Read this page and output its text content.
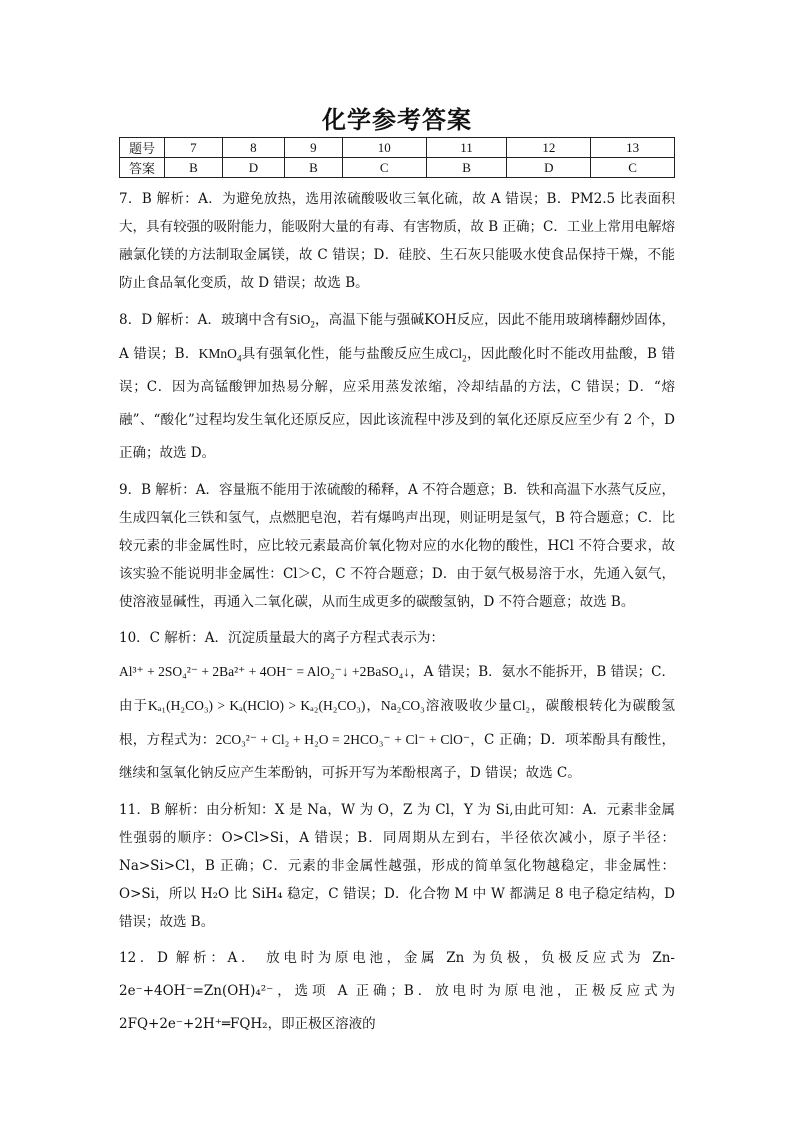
化学参考答案
题号	7	8	9	10	11	12	13
答案	B	D	B	C	B	D	C

7．B 解析：A．为避免放热，选用浓硫酸吸收三氧化硫，故 A 错误；B．PM2.5 比表面积大，具有较强的吸附能力，能吸附大量的有毒、有害物质，故 B 正确；C．工业上常用电解熔融氯化镁的方法制取金属镁，故 C 错误；D．硅胶、生石灰只能吸水使食品保持干燥，不能防止食品氧化变质，故 D 错误；故选 B。

8．D 解析：A．玻璃中含有SiO$_2$，高温下能与强碱KOH反应，因此不能用玻璃棒翻炒固体，A 错误；B．KMnO$_4$具有强氧化性，能与盐酸反应生成$Cl_2$，因此酸化时不能改用盐酸，B 错误；C．因为高锰酸钾加热易分解，应采用蒸发浓缩，冷却结晶的方法，C 错误；D．“熔融”、“酸化”过程均发生氧化还原反应，因此该流程中涉及到的氧化还原反应至少有 2 个，D 正确；故选 D。

9．B 解析：A．容量瓶不能用于浓硫酸的稀释，A 不符合题意；B．铁和高温下水蒸气反应，生成四氧化三铁和氢气，点燃肥皂泡，若有爆鸣声出现，则证明是氢气，B 符合题意；C．比较元素的非金属性时，应比较元素最高价氧化物对应的水化物的酸性，HCl 不符合要求，故该实验不能说明非金属性：Cl＞C，C 不符合题意；D．由于氨气极易溶于水，先通入氨气，使溶液显碱性，再通入二氧化碳，从而生成更多的碳酸氢钠，D 不符合题意；故选 B。

10．C 解析：A．沉淀质量最大的离子方程式表示为：
Al³⁺ + 2SO₄²⁻ + 2Ba²⁺ + 4OH⁻ = AlO₂⁻↓ +2BaSO₄↓，A 错误；B．氨水不能拆开，B 错误；C．由于Kₐ₁(H₂CO₃) > Kₐ(HClO) > Kₐ₂(H₂CO₃)，Na₂CO₃溶液吸收少量Cl₂，碳酸根转化为碳酸氢根，方程式为：2CO₃²⁻ + Cl₂ + H₂O = 2HCO₃⁻ + Cl⁻ + ClO⁻，C 正确；D．项苯酚具有酸性，继续和氢氧化钠反应产生苯酚钠，可拆开写为苯酚根离子，D 错误；故选 C。

11．B 解析：由分析知：X 是 Na，W 为 O，Z 为 Cl，Y 为 Si,由此可知：A．元素非金属性强弱的顺序：O>Cl>Si，A 错误；B．同周期从左到右，半径依次减小，原子半径：Na>Si>Cl，B 正确；C．元素的非金属性越强，形成的简单氢化物越稳定，非金属性：O>Si，所以 H₂O 比 SiH₄ 稳定，C 错误；D．化合物 M 中 W 都满足 8 电子稳定结构，D 错误；故选 B。

12．D 解析：A． 放电时为原电池，金属 Zn 为负极，负极反应式为 Zn-2e⁻+4OH⁻=Zn(OH)₄²⁻，选项 A 正确；B．放电时为原电池，正极反应式为 2FQ+2e⁻+2H⁺═FQH₂，即正极区溶液的
